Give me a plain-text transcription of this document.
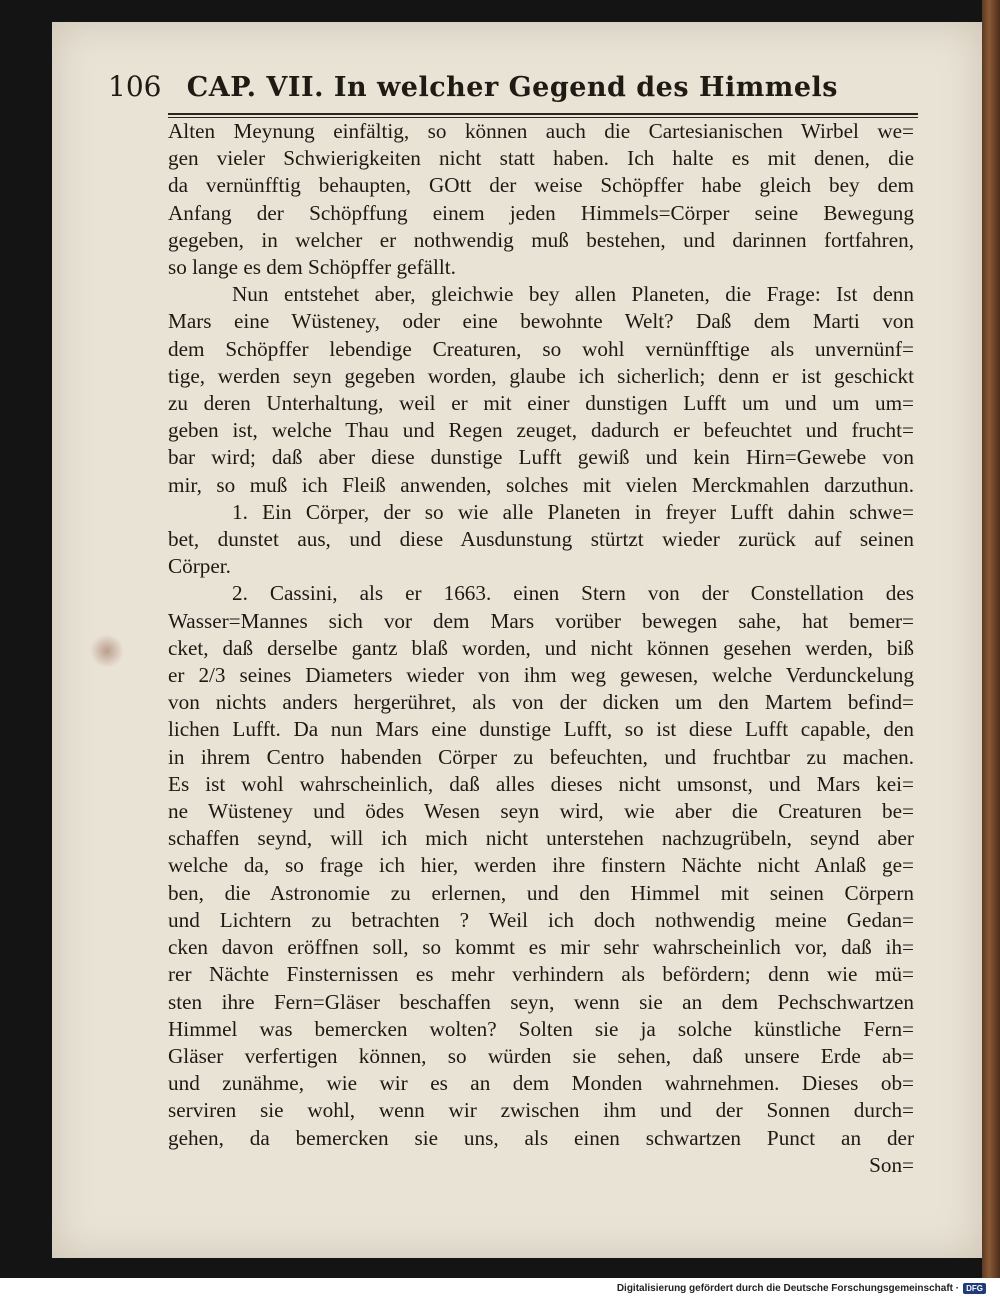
106 CAP. VII. In welcher Gegend des Himmels
Alten Meynung einfältig, so können auch die Cartesianischen Wirbel we=
gen vieler Schwierigkeiten nicht statt haben. Ich halte es mit denen, die
da vernünfftig behaupten, GOtt der weise Schöpffer habe gleich bey dem
Anfang der Schöpffung einem jeden Himmels=Cörper seine Bewegung
gegeben, in welcher er nothwendig muß bestehen, und darinnen fortfahren,
so lange es dem Schöpffer gefällt.
Nun entstehet aber, gleichwie bey allen Planeten, die Frage: Ist denn
Mars eine Wüsteney, oder eine bewohnte Welt? Daß dem Marti von
dem Schöpffer lebendige Creaturen, so wohl vernünfftige als unvernünf=
tige, werden seyn gegeben worden, glaube ich sicherlich; denn er ist geschickt
zu deren Unterhaltung, weil er mit einer dunstigen Lufft um und um um=
geben ist, welche Thau und Regen zeuget, dadurch er befeuchtet und frucht=
bar wird; daß aber diese dunstige Lufft gewiß und kein Hirn=Gewebe von
mir, so muß ich Fleiß anwenden, solches mit vielen Merckmahlen darzuthun.
1. Ein Cörper, der so wie alle Planeten in freyer Lufft dahin schwe=
bet, dunstet aus, und diese Ausdunstung stürtzt wieder zurück auf seinen
Cörper.
2. Cassini, als er 1663. einen Stern von der Constellation des
Wasser=Mannes sich vor dem Mars vorüber bewegen sahe, hat bemer=
cket, daß derselbe gantz blaß worden, und nicht können gesehen werden, biß
er 2/3 seines Diameters wieder von ihm weg gewesen, welche Verdunckelung
von nichts anders hergerühret, als von der dicken um den Martem befind=
lichen Lufft. Da nun Mars eine dunstige Lufft, so ist diese Lufft capable, den
in ihrem Centro habenden Cörper zu befeuchten, und fruchtbar zu machen.
Es ist wohl wahrscheinlich, daß alles dieses nicht umsonst, und Mars kei=
ne Wüsteney und ödes Wesen seyn wird, wie aber die Creaturen be=
schaffen seynd, will ich mich nicht unterstehen nachzugrübeln, seynd aber
welche da, so frage ich hier, werden ihre finstern Nächte nicht Anlaß ge=
ben, die Astronomie zu erlernen, und den Himmel mit seinen Cörpern
und Lichtern zu betrachten ? Weil ich doch nothwendig meine Gedan=
cken davon eröffnen soll, so kommt es mir sehr wahrscheinlich vor, daß ih=
rer Nächte Finsternissen es mehr verhindern als befördern; denn wie mü=
sten ihre Fern=Gläser beschaffen seyn, wenn sie an dem Pechschwartzen
Himmel was bemercken wolten? Solten sie ja solche künstliche Fern=
Gläser verfertigen können, so würden sie sehen, daß unsere Erde ab=
und zunähme, wie wir es an dem Monden wahrnehmen. Dieses ob=
serviren sie wohl, wenn wir zwischen ihm und der Sonnen durch=
gehen, da bemercken sie uns, als einen schwartzen Punct an der
Son=
Digitalisierung gefördert durch die Deutsche Forschungsgemeinschaft · DFG
